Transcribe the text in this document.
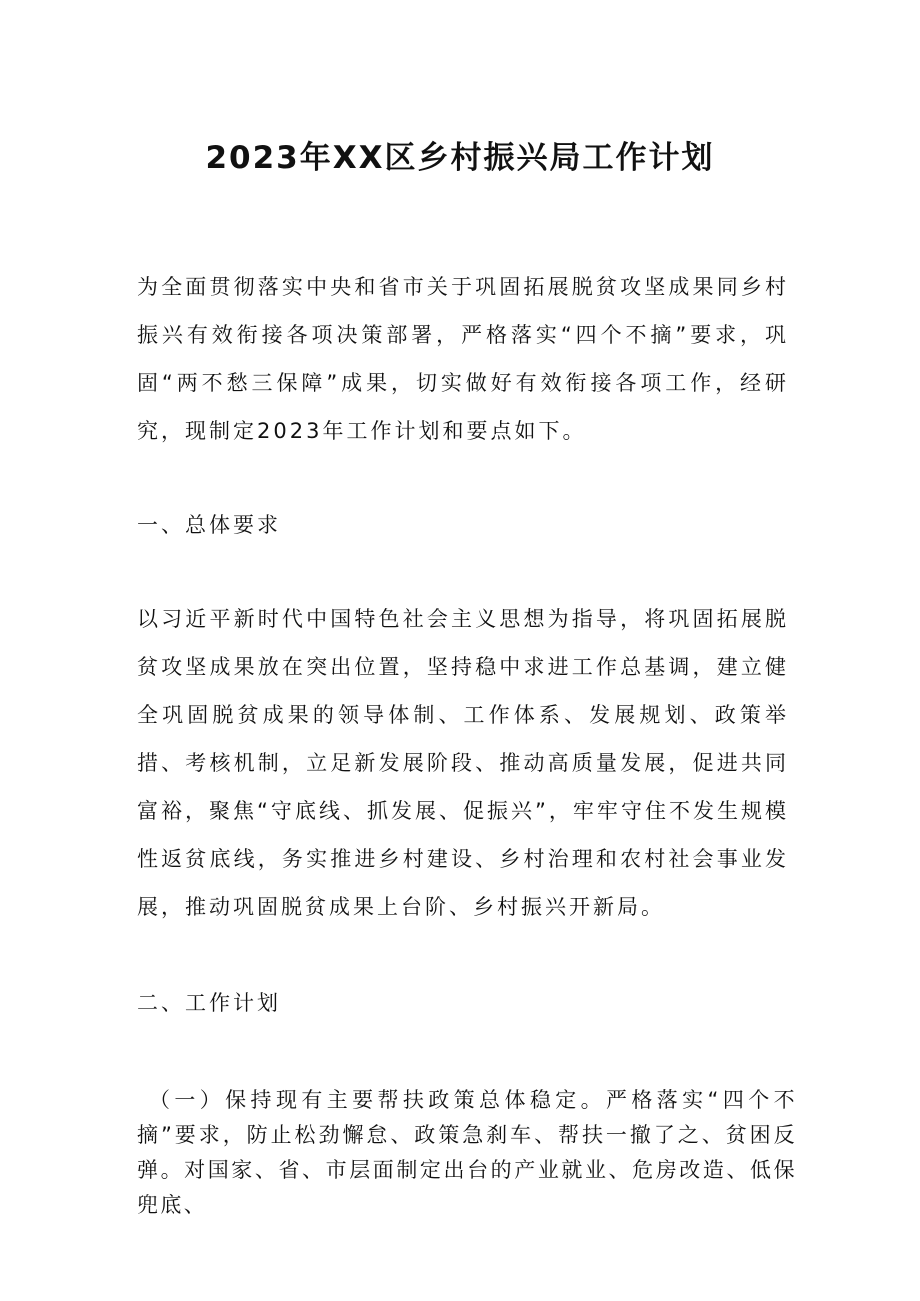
2023年XX区乡村振兴局工作计划

为全面贯彻落实中央和省市关于巩固拓展脱贫攻坚成果同乡村振兴有效衔接各项决策部署，严格落实“四个不摘”要求，巩固“两不愁三保障”成果，切实做好有效衔接各项工作，经研究，现制定2023年工作计划和要点如下。

一、总体要求

以习近平新时代中国特色社会主义思想为指导，将巩固拓展脱贫攻坚成果放在突出位置，坚持稳中求进工作总基调，建立健全巩固脱贫成果的领导体制、工作体系、发展规划、政策举措、考核机制，立足新发展阶段、推动高质量发展，促进共同富裕，聚焦“守底线、抓发展、促振兴”，牢牢守住不发生规模性返贫底线，务实推进乡村建设、乡村治理和农村社会事业发展，推动巩固脱贫成果上台阶、乡村振兴开新局。

二、工作计划

（一）保持现有主要帮扶政策总体稳定。严格落实“四个不摘”要求，防止松劲懈怠、政策急刹车、帮扶一撤了之、贫困反弹。对国家、省、市层面制定出台的产业就业、危房改造、低保兜底、
